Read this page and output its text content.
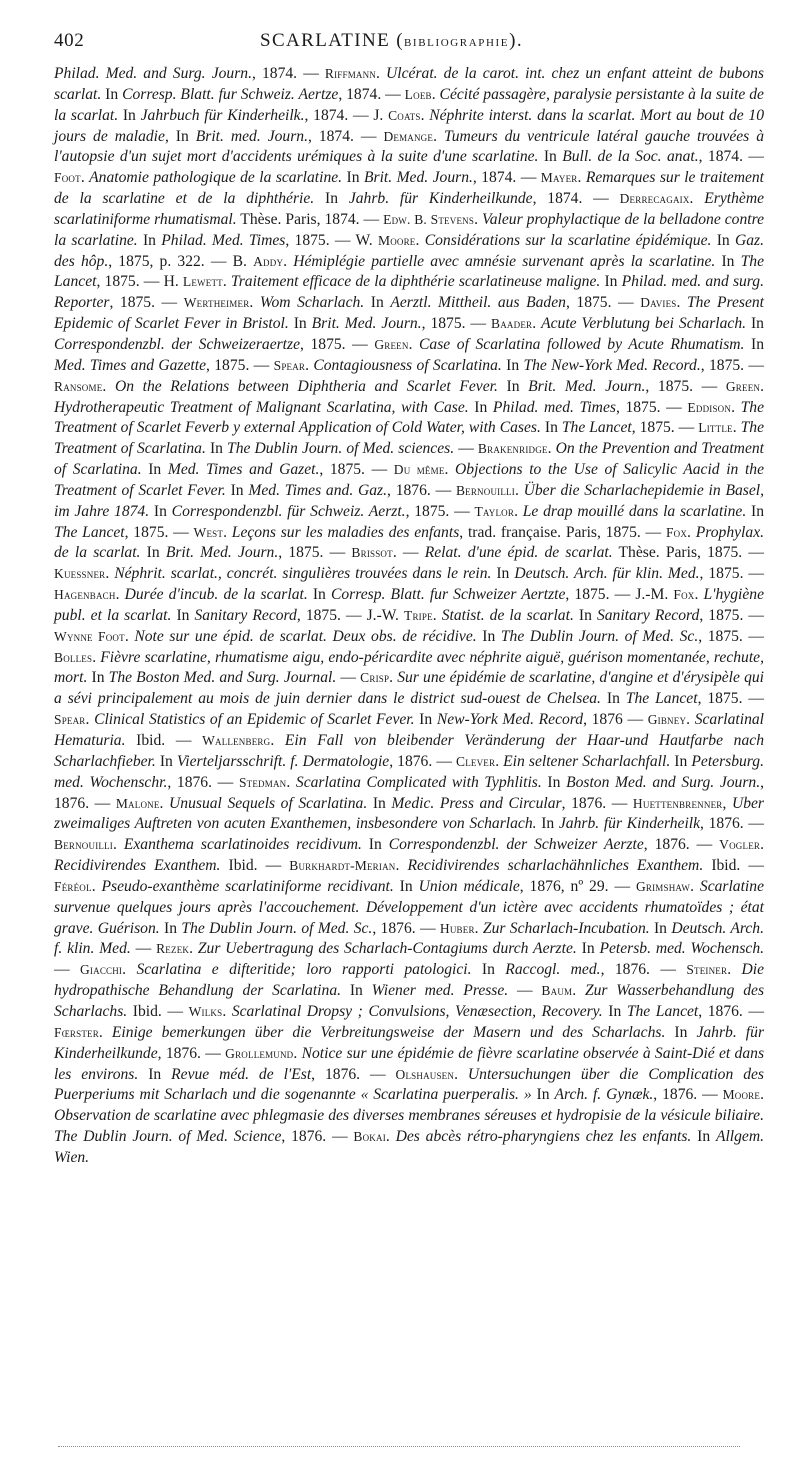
402	SCARLATINE (BIBLIOGRAPHIE).
Philad. Med. and Surg. Journ., 1874. — Riffmann. Ulcérat. de la carot. int. chez un enfant atteint de bubons scarlat. In Corresp. Blatt. fur Schweiz. Aertze, 1874. — Loeb. Cécité passagère, paralysie persistante à la suite de la scarlat. In Jahrbuch für Kinderheilk., 1874. — J. Coats. Néphrite interst. dans la scarlat. Mort au bout de 10 jours de maladie, In Brit. med. Journ., 1874. — Demange. Tumeurs du ventricule latéral gauche trouvées à l'autopsie d'un sujet mort d'accidents urémiques à la suite d'une scarlatine. In Bull. de la Soc. anat., 1874. — Foot. Anatomie pathologique de la scarlatine. In Brit. Med. Journ., 1874. — Mayer. Remarques sur le traitement de la scarlatine et de la diphthérie. In Jahrb. für Kinderheilkunde, 1874. — Derrecagaix. Erythème scarlatiniforme rhumatismal. Thèse. Paris, 1874. — Edw. B. Stevens. Valeur prophylactique de la belladone contre la scarlatine. In Philad. Med. Times, 1875. — W. Moore. Considérations sur la scarlatine épidémique. In Gaz. des hôp., 1875, p. 322. — B. Addy. Hémiplégie partielle avec amnésie survenant après la scarlatine. In The Lancet, 1875. — H. Lewett. Traitement efficace de la diphthérie scarlatineuse maligne. In Philad. med. and surg. Reporter, 1875. — Wertheimer. Wom Scharlach. In Aerztl. Mittheil. aus Baden, 1875. — Davies. The Present Epidemic of Scarlet Fever in Bristol. In Brit. Med. Journ., 1875. — Baader. Acute Verblutung bei Scharlach. In Correspondenzbl. der Schweizeraertze, 1875. — Green. Case of Scarlatina followed by Acute Rhumatism. In Med. Times and Gazette, 1875. — Spear. Contagiousness of Scarlatina. In The New-York Med. Record., 1875. — Ransome. On the Relations between Diphtheria and Scarlet Fever. In Brit. Med. Journ., 1875. — Green. Hydrotherapeutic Treatment of Malignant Scarlatina, with Case. In Philad. med. Times, 1875. — Eddison. The Treatment of Scarlet Feverb y external Application of Cold Water, with Cases. In The Lancet, 1875. — Little. The Treatment of Scarlatina. In The Dublin Journ. of Med. sciences. — Brakenridge. On the Prevention and Treatment of Scarlatina. In Med. Times and Gazet., 1875. — Du même. Objections to the Use of Salicylic Aacid in the Treatment of Scarlet Fever. In Med. Times and. Gaz., 1876. — Bernouilli. Über die Scharlachepidemie in Basel, im Jahre 1874. In Correspondenzbl. für Schweiz. Aerzt., 1875. — Taylor. Le drap mouillé dans la scarlatine. In The Lancet, 1875. — West. Leçons sur les maladies des enfants, trad. française. Paris, 1875. — Fox. Prophylax. de la scarlat. In Brit. Med. Journ., 1875. — Brissot. — Relat. d'une épid. de scarlat. Thèse. Paris, 1875. — Kuessner. Néphrit. scarlat., concrét. singulières trouvées dans le rein. In Deutsch. Arch. für klin. Med., 1875. — Hagenbach. Durée d'incub. de la scarlat. In Corresp. Blatt. fur Schweizer Aertzte, 1875. — J.-M. Fox. L'hygiène publ. et la scarlat. In Sanitary Record, 1875. — J.-W. Tripe. Statist. de la scarlat. In Sanitary Record, 1875. — Wynne Foot. Note sur une épid. de scarlat. Deux obs. de récidive. In The Dublin Journ. of Med. Sc., 1875. — Bolles. Fièvre scarlatine, rhumatisme aigu, endo-péricardite avec néphrite aiguë, guérison momentanée, rechute, mort. In The Boston Med. and Surg. Journal. — Crisp. Sur une épidémie de scarlatine, d'angine et d'érysipèle qui a sévi principalement au mois de juin dernier dans le district sud-ouest de Chelsea. In The Lancet, 1875. — Spear. Clinical Statistics of an Epidemic of Scarlet Fever. In New-York Med. Record, 1876 — Gibney. Scarlatinal Hematuria. Ibid. — Wallenberg. Ein Fall von bleibender Veränderung der Haar-und Hautfarbe nach Scharlachfieber. In Vierteljarsschrift. f. Dermatologie, 1876. — Clever. Ein seltener Scharlachfall. In Petersburg. med. Wochenschr., 1876. — Stedman. Scarlatina Complicated with Typhlitis. In Boston Med. and Surg. Journ., 1876. — Malone. Unusual Sequels of Scarlatina. In Medic. Press and Circular, 1876. — Huettenbrenner, Uber zweimaliges Auftreten von acuten Exanthemen, insbesondere von Scharlach. In Jahrb. für Kinderheilk, 1876. — Bernouilli. Exanthema scarlatinoides recidivum. In Correspondenzbl. der Schweizer Aerzte, 1876. — Vogler. Recidivirendes Exanthem. Ibid. — Burkhardt-Merian. Recidivirendes scharlachähnliches Exanthem. Ibid. — Féréol. Pseudo-exanthème scarlatiniforme recidivant. In Union médicale, 1876, nº 29. — Grimshaw. Scarlatine survenue quelques jours après l'accouchement. Développement d'un ictère avec accidents rhumatoïdes ; état grave. Guérison. In The Dublin Journ. of Med. Sc., 1876. — Huber. Zur Scharlach-Incubation. In Deutsch. Arch. f. klin. Med. — Rezek. Zur Uebertragung des Scharlach-Contagiums durch Aerzte. In Petersb. med. Wochensch. — Giacchi. Scarlatina e difteritide; loro rapporti patologici. In Raccogl. med., 1876. — Steiner. Die hydropathische Behandlung der Scarlatina. In Wiener med. Presse. — Baum. Zur Wasserbehandlung des Scharlachs. Ibid. — Wilks. Scarlatinal Dropsy ; Convulsions, Venæsection, Recovery. In The Lancet, 1876. — Fœrster. Einige bemerkungen über die Verbreitungsweise der Masern und des Scharlachs. In Jahrb. für Kinderheilkunde, 1876. — Grollemund. Notice sur une épidémie de fièvre scarlatine observée à Saint-Dié et dans les environs. In Revue méd. de l'Est, 1876. — Olshausen. Untersuchungen über die Complication des Puerperiums mit Scharlach und die sogenannte « Scarlatina puerperalis. » In Arch. f. Gynæk., 1876. — Moore. Observation de scarlatine avec phlegmasie des diverses membranes séreuses et hydropisie de la vésicule biliaire. The Dublin Journ. of Med. Science, 1876. — Bokai. Des abcès rétro-pharyngiens chez les enfants. In Allgem. Wien.
